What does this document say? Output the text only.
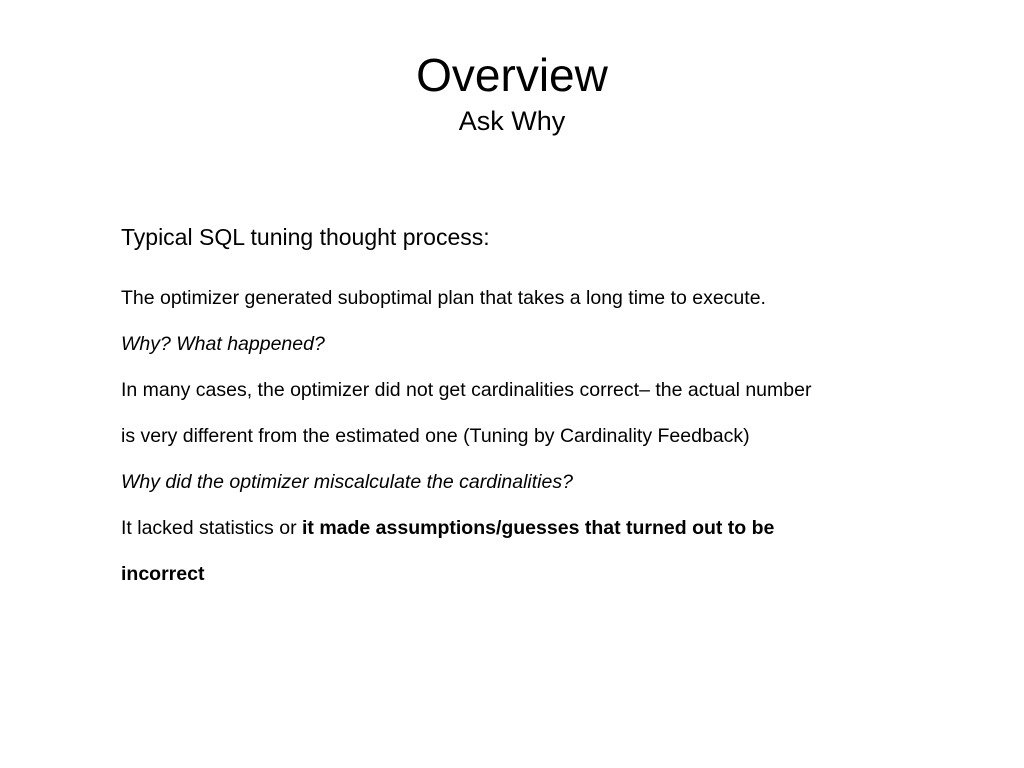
Overview
Ask Why

Typical SQL tuning thought process:

The optimizer generated suboptimal plan that takes a long time to execute.

Why? What happened?

In many cases, the optimizer did not get cardinalities correct– the actual number

is very different from the estimated one (Tuning by Cardinality Feedback)

Why did the optimizer miscalculate the cardinalities?

It lacked statistics or it made assumptions/guesses that turned out to be

incorrect
